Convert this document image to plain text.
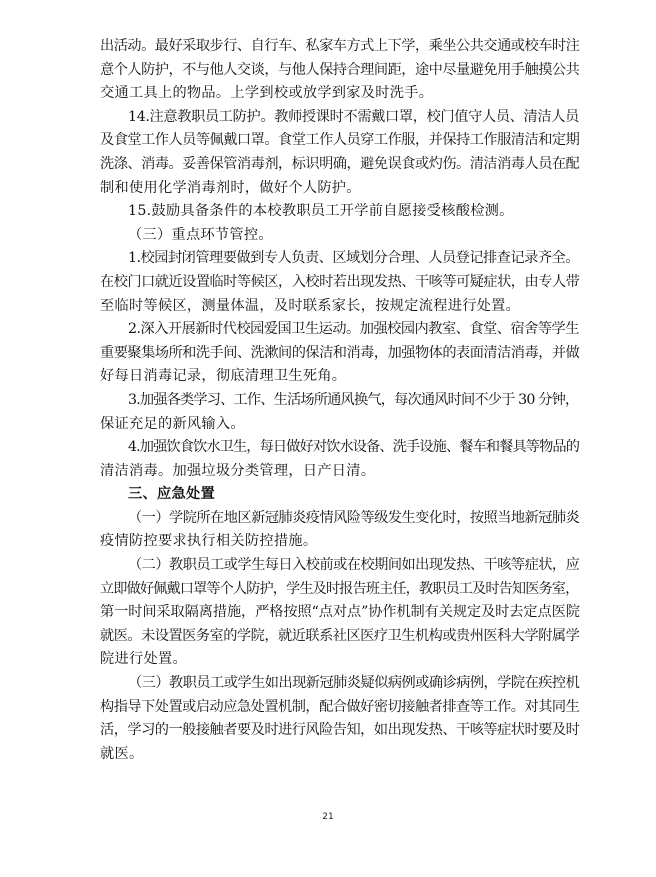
出活动。最好采取步行、自行车、私家车方式上下学，乘坐公共交通或校车时注
意个人防护，不与他人交谈，与他人保持合理间距，途中尽量避免用手触摸公共
交通工具上的物品。上学到校或放学到家及时洗手。
14.注意教职员工防护。教师授课时不需戴口罩，校门值守人员、清洁人员
及食堂工作人员等佩戴口罩。食堂工作人员穿工作服，并保持工作服清洁和定期
洗涤、消毒。妥善保管消毒剂，标识明确，避免误食或灼伤。清洁消毒人员在配
制和使用化学消毒剂时，做好个人防护。
15.鼓励具备条件的本校教职员工开学前自愿接受核酸检测。
（三）重点环节管控。
1.校园封闭管理要做到专人负责、区域划分合理、人员登记排查记录齐全。
在校门口就近设置临时等候区，入校时若出现发热、干咳等可疑症状，由专人带
至临时等候区，测量体温，及时联系家长，按规定流程进行处置。
2.深入开展新时代校园爱国卫生运动。加强校园内教室、食堂、宿舍等学生
重要聚集场所和洗手间、洗漱间的保洁和消毒，加强物体的表面清洁消毒，并做
好每日消毒记录，彻底清理卫生死角。
3.加强各类学习、工作、生活场所通风换气，每次通风时间不少于 30 分钟，
保证充足的新风输入。
4.加强饮食饮水卫生，每日做好对饮水设备、洗手设施、餐车和餐具等物品的
清洁消毒。加强垃圾分类管理，日产日清。
三、应急处置
（一）学院所在地区新冠肺炎疫情风险等级发生变化时，按照当地新冠肺炎
疫情防控要求执行相关防控措施。
（二）教职员工或学生每日入校前或在校期间如出现发热、干咳等症状，应
立即做好佩戴口罩等个人防护，学生及时报告班主任，教职员工及时告知医务室，
第一时间采取隔离措施，严格按照“点对点”协作机制有关规定及时去定点医院
就医。未设置医务室的学院，就近联系社区医疗卫生机构或贵州医科大学附属学
院进行处置。
（三）教职员工或学生如出现新冠肺炎疑似病例或确诊病例，学院在疾控机
构指导下处置或启动应急处置机制，配合做好密切接触者排查等工作。对其同生
活，学习的一般接触者要及时进行风险告知，如出现发热、干咳等症状时要及时
就医。
21
